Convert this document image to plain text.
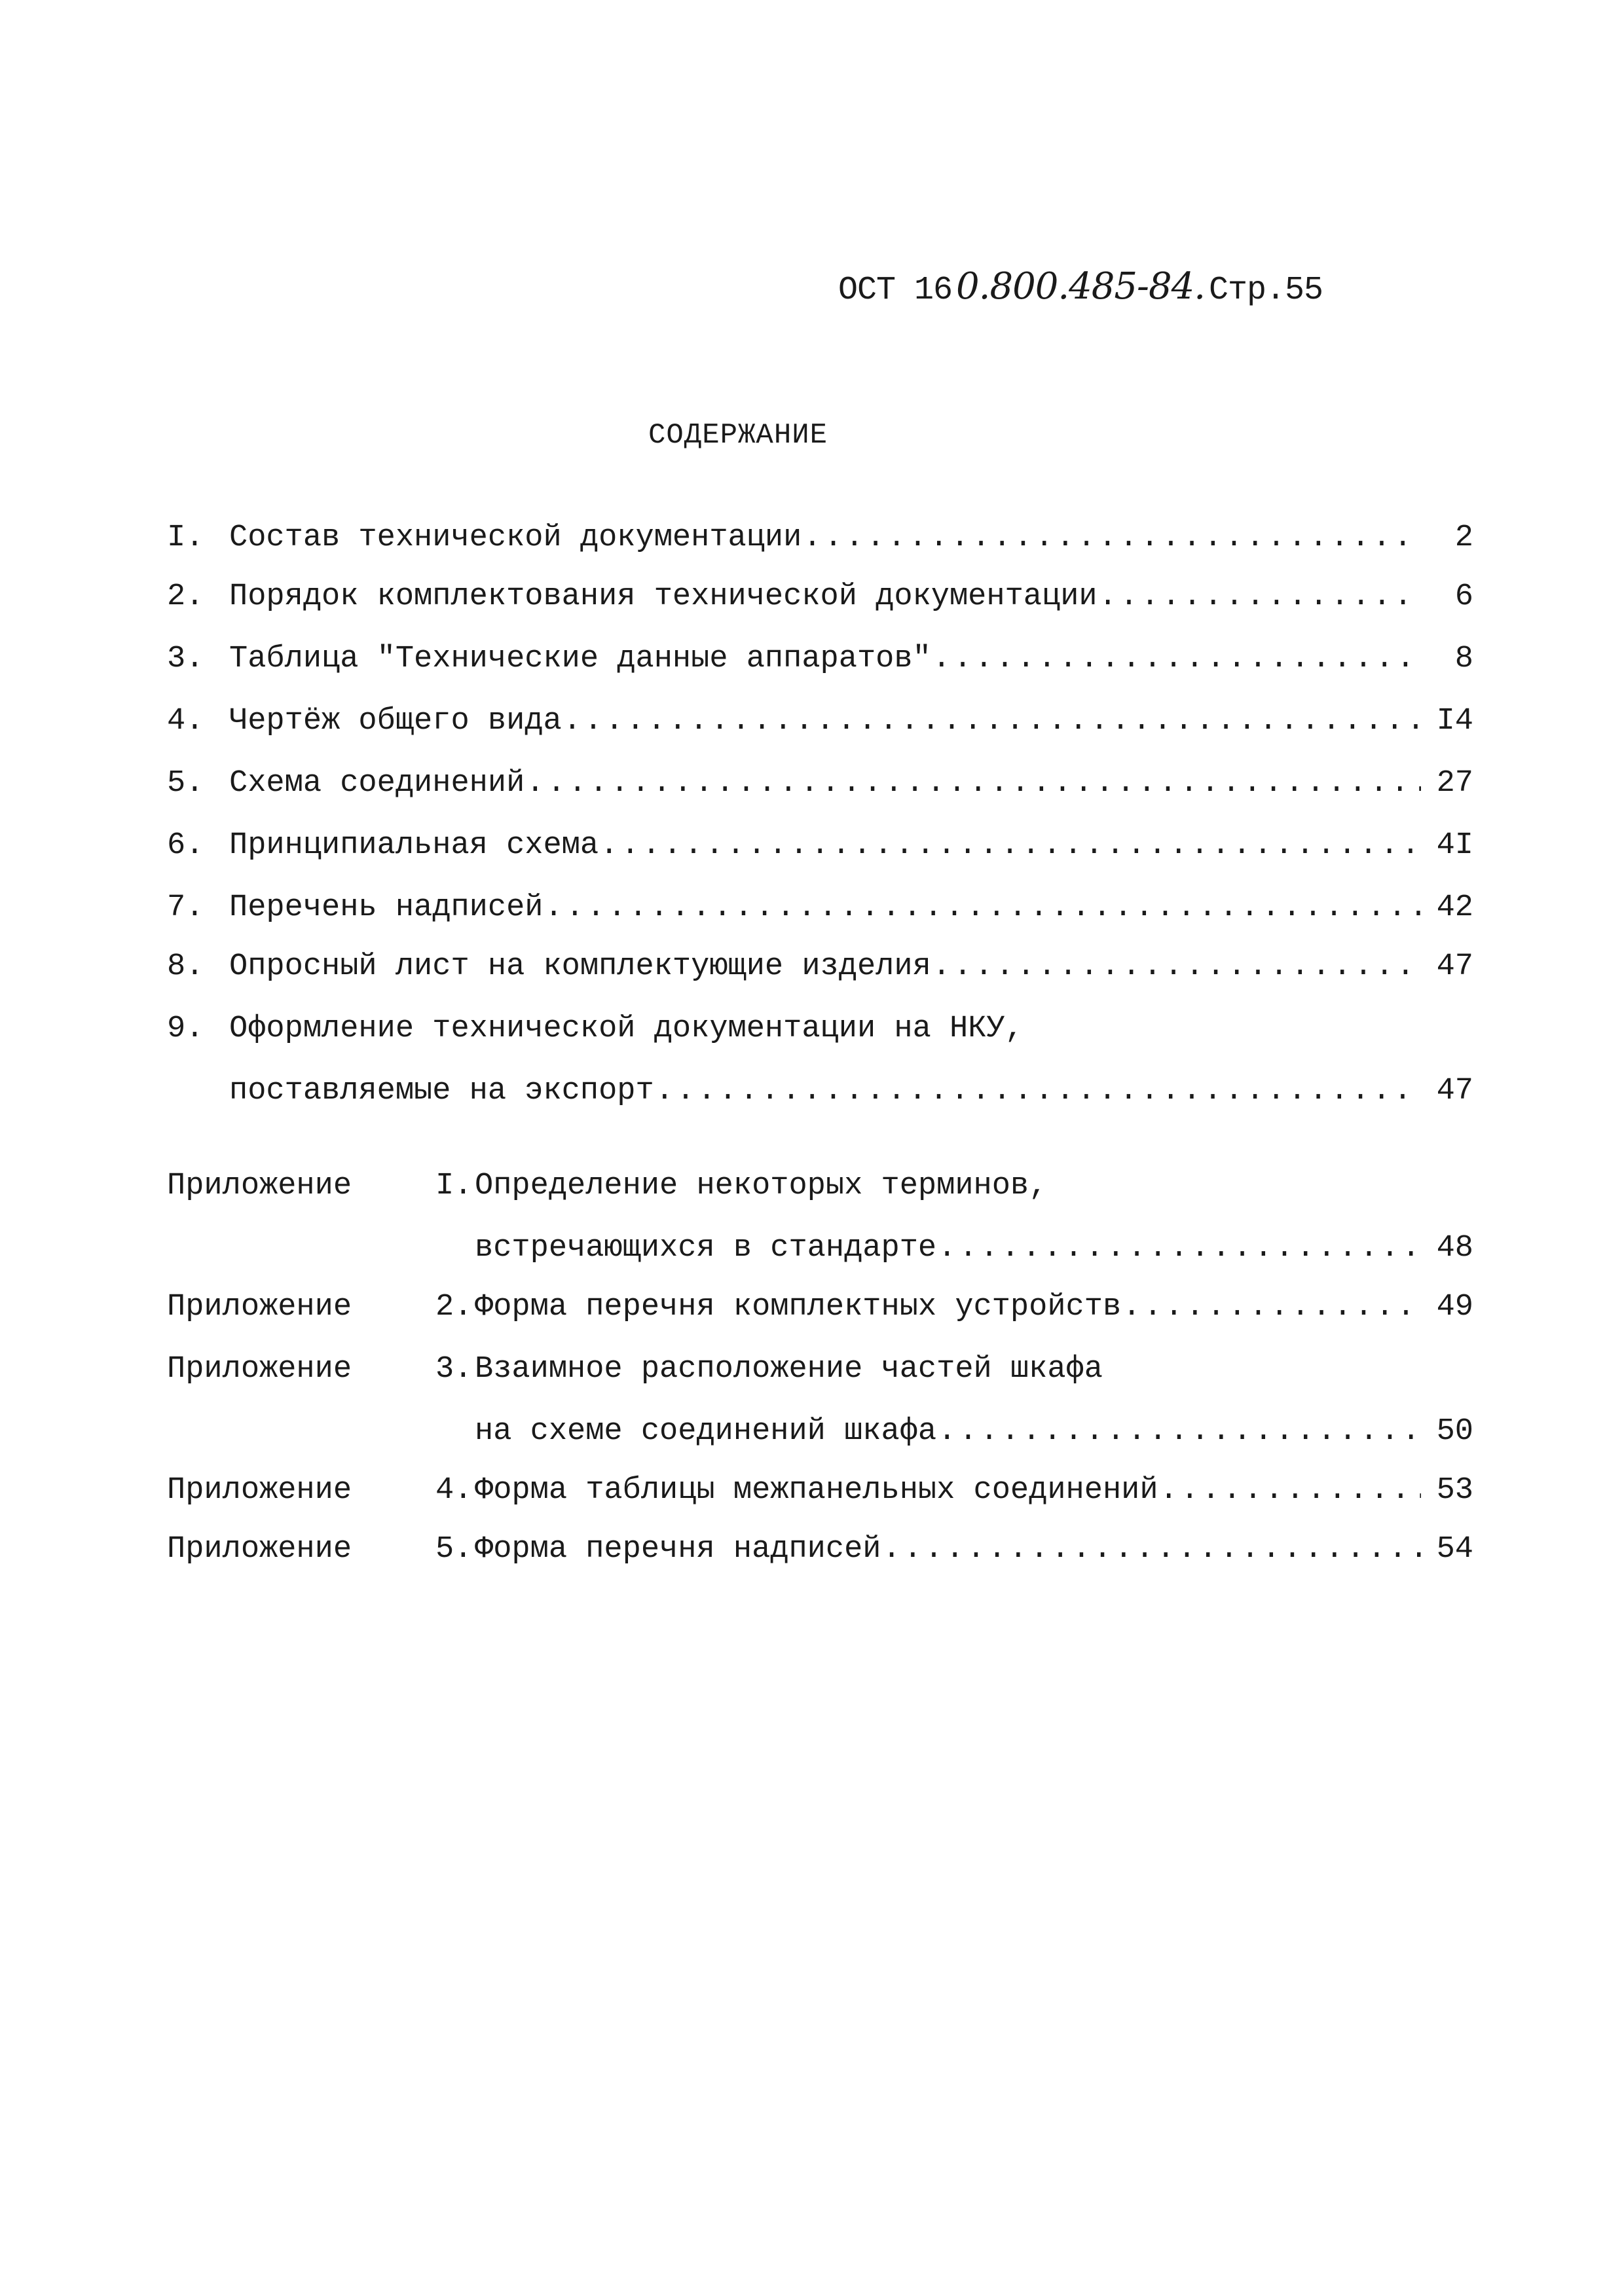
ОСТ 16 0.800.485-84. Стр.55
СОДЕРЖАНИЕ
I. Состав технической документации .....	2
2. Порядок комплектования технической документации .....	6
3. Таблица "Технические данные аппаратов" .....	8
4. Чертёж общего вида .....	I4
5. Схема соединений .....	27
6. Принципиальная схема .....	4I
7. Перечень надписей .....	42
8. Опросный лист на комплектующие изделия .....	47
9. Оформление технической документации на НКУ,
поставляемые на экспорт .....	47
Приложение	I. Определение некоторых терминов,
встречающихся в стандарте .....	48
Приложение	2. Форма перечня комплектных устройств .....	49
Приложение	3. Взаимное расположение частей шкафа
на схеме соединений шкафа .....	50
Приложение	4. Форма таблицы межпанельных соединений .....	53
Приложение	5. Форма перечня надписей .....	54
